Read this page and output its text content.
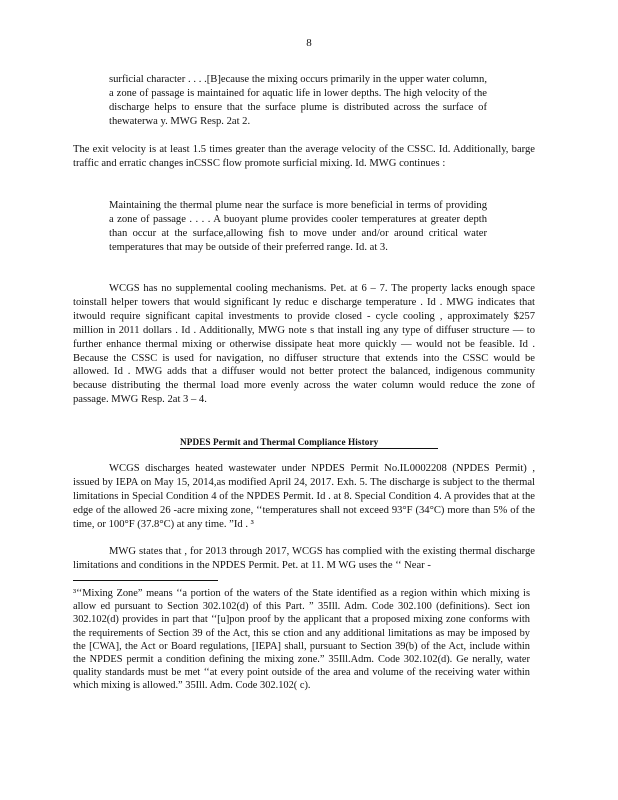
8

surficial character . . . .[B]ecause the mixing occurs primarily in the upper water column, a zone of passage is maintained for aquatic life in lower depths. The high velocity of the discharge helps to ensure that the surface plume is distributed across the surface of thewaterwa y. MWG Resp. 2at 2.

The exit velocity is at least 1.5 times greater than the average velocity of the CSSC. Id. Additionally, barge traffic and erratic changes inCSSC flow promote surficial mixing. Id. MWG continues :

Maintaining the thermal plume near the surface is more beneficial in terms of providing a zone of passage . . . . A buoyant plume provides cooler temperatures at greater depth than occur at the surface,allowing fish to move under and/or around critical water temperatures that may be outside of their preferred range. Id. at 3.

WCGS has no supplemental cooling mechanisms. Pet. at 6 – 7. The property lacks enough space toinstall helper towers that would significant ly reduc e discharge temperature . Id . MWG indicates that itwould require significant capital investments to provide closed - cycle cooling , approximately $257 million in 2011 dollars . Id . Additionally, MWG note s that install ing any type of diffuser structure — to further enhance thermal mixing or otherwise dissipate heat more quickly — would not be feasible. Id . Because the CSSC is used for navigation, no diffuser structure that extends into the CSSC would be allowed. Id . MWG adds that a diffuser would not better protect the balanced, indigenous community because distributing the thermal load more evenly across the water column would reduce the zone of passage. MWG Resp. 2at 3 – 4.

NPDES Permit and Thermal Compliance History

WCGS discharges heated wastewater under NPDES Permit No.IL0002208 (NPDES Permit) , issued by IEPA on May 15, 2014,as modified April 24, 2017. Exh. 5. The discharge is subject to the thermal limitations in Special Condition 4 of the NPDES Permit. Id . at 8. Special Condition 4. A provides that at the edge of the allowed 26 -acre mixing zone, ‘‘temperatures shall not exceed 93°F (34°C) more than 5% of the time, or 100°F (37.8°C) at any time. ”Id . ³

MWG states that , for 2013 through 2017, WCGS has complied with the existing thermal discharge limitations and conditions in the NPDES Permit. Pet. at 11. M WG uses the ‘‘ Near -

³‘‘Mixing Zone” means ‘‘a portion of the waters of the State identified as a region within which mixing is allow ed pursuant to Section 302.102(d) of this Part. ” 35Ill. Adm. Code 302.100 (definitions). Sect ion 302.102(d) provides in part that ‘‘[u]pon proof by the applicant that a proposed mixing zone conforms with the requirements of Section 39 of the Act, this se ction and any additional limitations as may be imposed by the [CWA], the Act or Board regulations, [IEPA] shall, pursuant to Section 39(b) of the Act, include within the NPDES permit a condition defining the mixing zone.” 35Ill.Adm. Code 302.102(d). Ge nerally, water quality standards must be met ‘‘at every point outside of the area and volume of the receiving water within which mixing is allowed.” 35Ill. Adm. Code 302.102( c).
